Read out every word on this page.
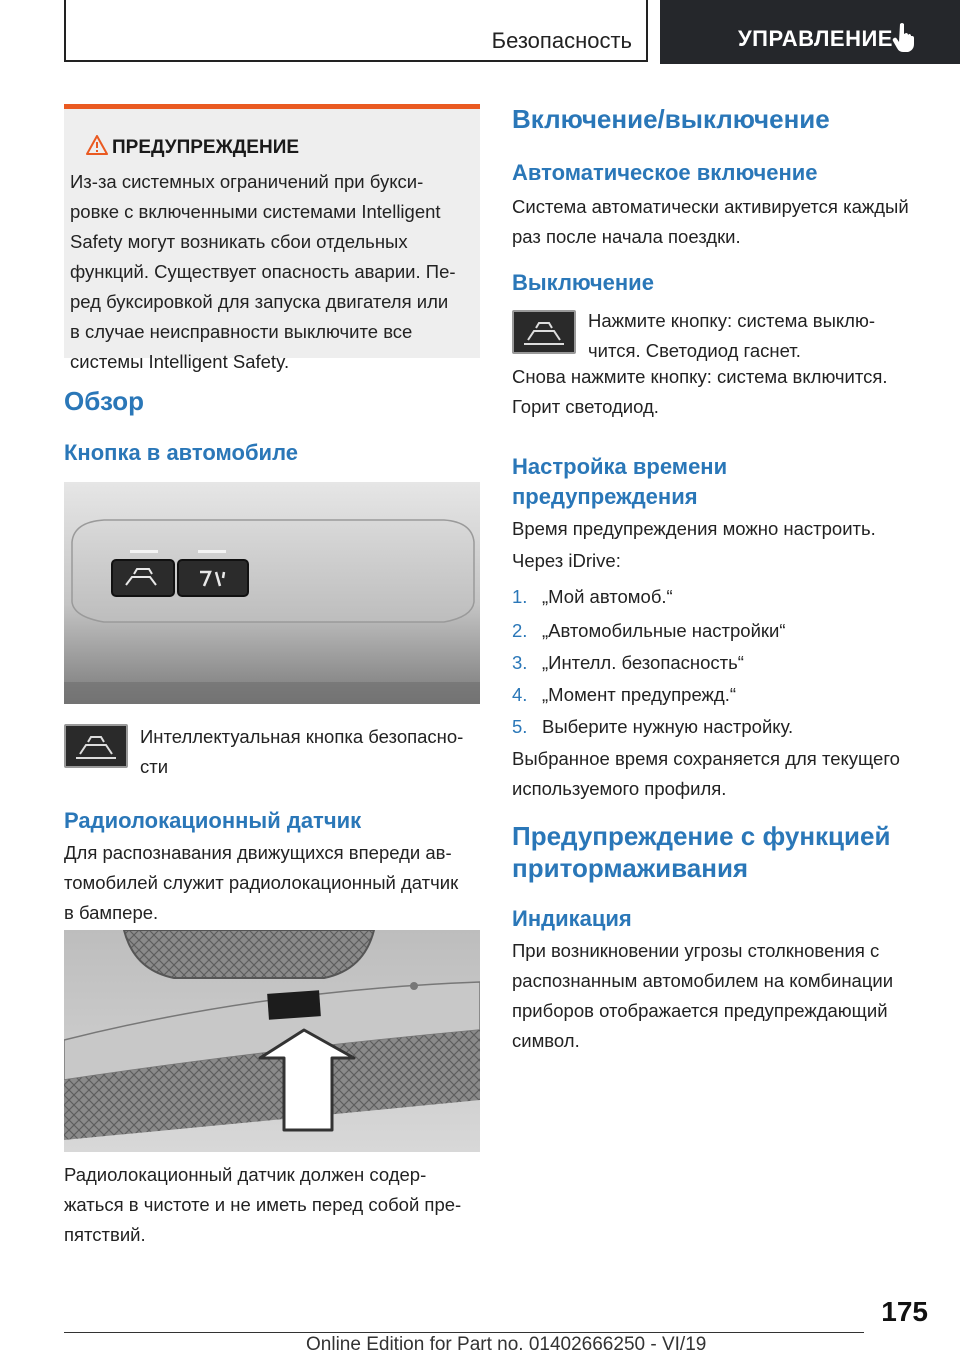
Безопасность	УПРАВЛЕНИЕ
ПРЕДУПРЕЖДЕНИЕ
Из-за системных ограничений при букси-
ровке с включенными системами Intelligent
Safety могут возникать сбои отдельных
функций. Существует опасность аварии. Пе-
ред буксировкой для запуска двигателя или
в случае неисправности выключите все
системы Intelligent Safety.
Обзор
Кнопка в автомобиле
Интеллектуальная кнопка безопасно-
сти
Радиолокационный датчик
Для распознавания движущихся впереди ав-
томобилей служит радиолокационный датчик
в бампере.
Радиолокационный датчик должен содер-
жаться в чистоте и не иметь перед собой пре-
пятствий.
Включение/выключение
Автоматическое включение
Система автоматически активируется каждый
раз после начала поездки.
Выключение
Нажмите кнопку: система выклю-
чится. Светодиод гаснет.
Снова нажмите кнопку: система включится.
Горит светодиод.
Настройка времени
предупреждения
Время предупреждения можно настроить.
Через iDrive:
1. „Мой автомоб.“
2. „Автомобильные настройки“
3. „Интелл. безопасность“
4. „Момент предупрежд.“
5. Выберите нужную настройку.
Выбранное время сохраняется для текущего
используемого профиля.
Предупреждение с функцией
притормаживания
Индикация
При возникновении угрозы столкновения с
распознанным автомобилем на комбинации
приборов отображается предупреждающий
символ.
175
Online Edition for Part no. 01402666250 - VI/19
